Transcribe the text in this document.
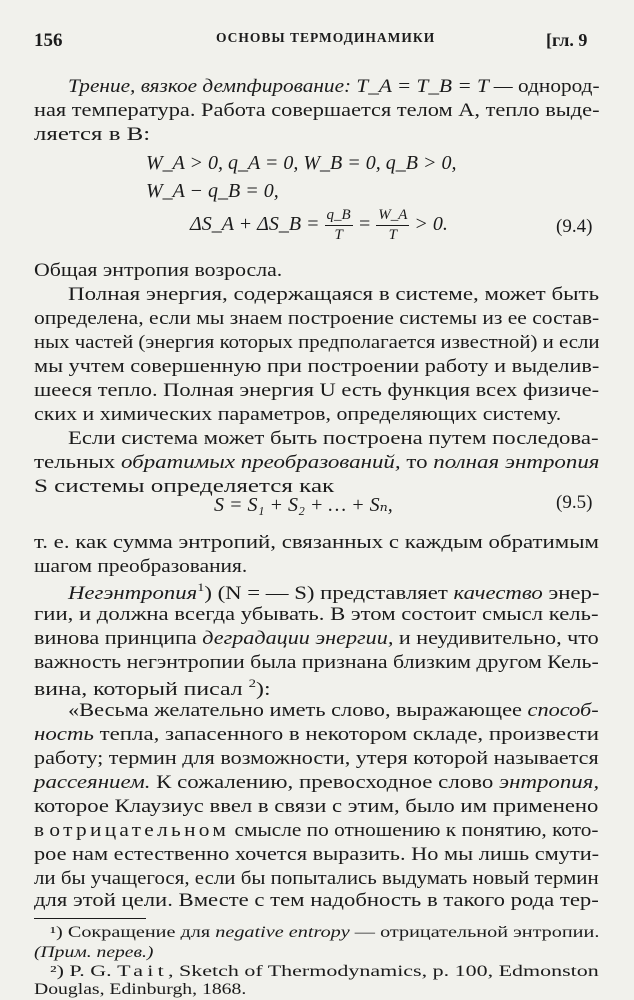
156	ОСНОВЫ ТЕРМОДИНАМИКИ	[гл. 9
Трение, вязкое демпфирование: T_A = T_B = T — однород-
ная температура. Работа совершается телом A, тепло выде-
ляется в B:
W_A > 0, q_A = 0, W_B = 0, q_B > 0,
W_A − q_B = 0,
ΔS_A + ΔS_B = $\frac{q\_B}{T} = \frac{W\_A}{T} > 0$.	(9.4)
Общая энтропия возросла.
Полная энергия, содержащаяся в системе, может быть
определена, если мы знаем построение системы из ее состав-
ных частей (энергия которых предполагается известной) и если
мы учтем совершенную при построении работу и выделив-
шееся тепло. Полная энергия U есть функция всех физиче-
ских и химических параметров, определяющих систему.
Если система может быть построена путем последова-
тельных обратимых преобразований, то полная энтропия
S системы определяется как
S = S₁ + S₂ + … + Sₙ,	(9.5)
т. е. как сумма энтропий, связанных с каждым обратимым
шагом преобразования.
Негэнтропия$^1$) (N = — S) представляет качество энер-
гии, и должна всегда убывать. В этом состоит смысл кель-
винова принципа деградации энергии, и неудивительно, что
важность негэнтропии была признана близким другом Кель-
вина, который писал $^2$):
«Весьма желательно иметь слово, выражающее способ-
ность тепла, запасенного в некотором складе, произвести
работу; термин для возможности, утеря которой называется
рассеянием. К сожалению, превосходное слово энтропия,
которое Клаузиус ввел в связи с этим, было им применено
в отрицательном смысле по отношению к понятию, кото-
рое нам естественно хочется выразить. Но мы лишь смути-
ли бы учащегося, если бы попытались выдумать новый термин
для этой цели. Вместе с тем надобность в такого рода тер-
¹) Сокращение для negative entropy — отрицательной энтропии.
(Прим. перев.)
²) P. G. Tait, Sketch of Thermodynamics, p. 100, Edmonston
Douglas, Edinburgh, 1868.
